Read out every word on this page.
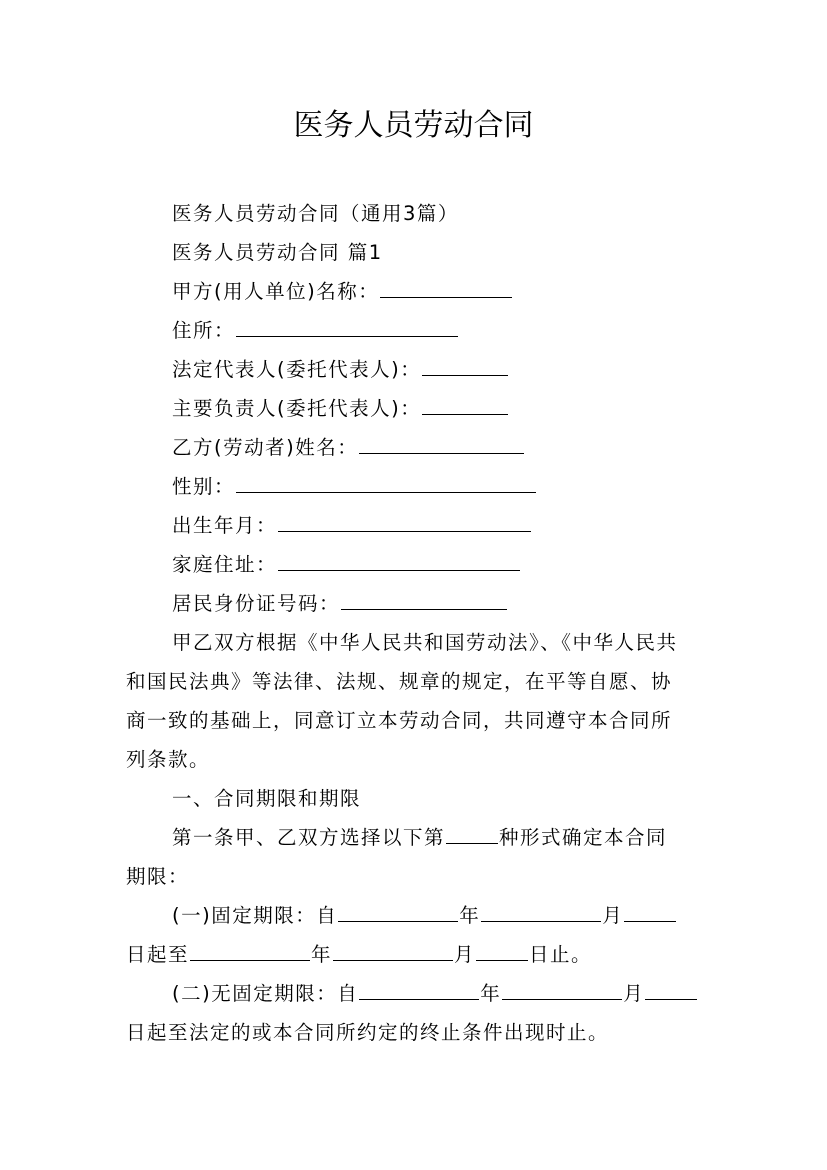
医务人员劳动合同
医务人员劳动合同（通用3篇）
医务人员劳动合同 篇1
甲方(用人单位)名称：
住所：
法定代表人(委托代表人)：
主要负责人(委托代表人)：
乙方(劳动者)姓名：
性别：
出生年月：
家庭住址：
居民身份证号码：
甲乙双方根据《中华人民共和国劳动法》、《中华人民共
和国民法典》等法律、法规、规章的规定，在平等自愿、协
商一致的基础上，同意订立本劳动合同，共同遵守本合同所
列条款。
一、合同期限和期限
第一条甲、乙双方选择以下第	种形式确定本合同
期限：
(一)固定期限：自	年	月
日起至	年	月	日止。
(二)无固定期限：自	年	月
日起至法定的或本合同所约定的终止条件出现时止。
